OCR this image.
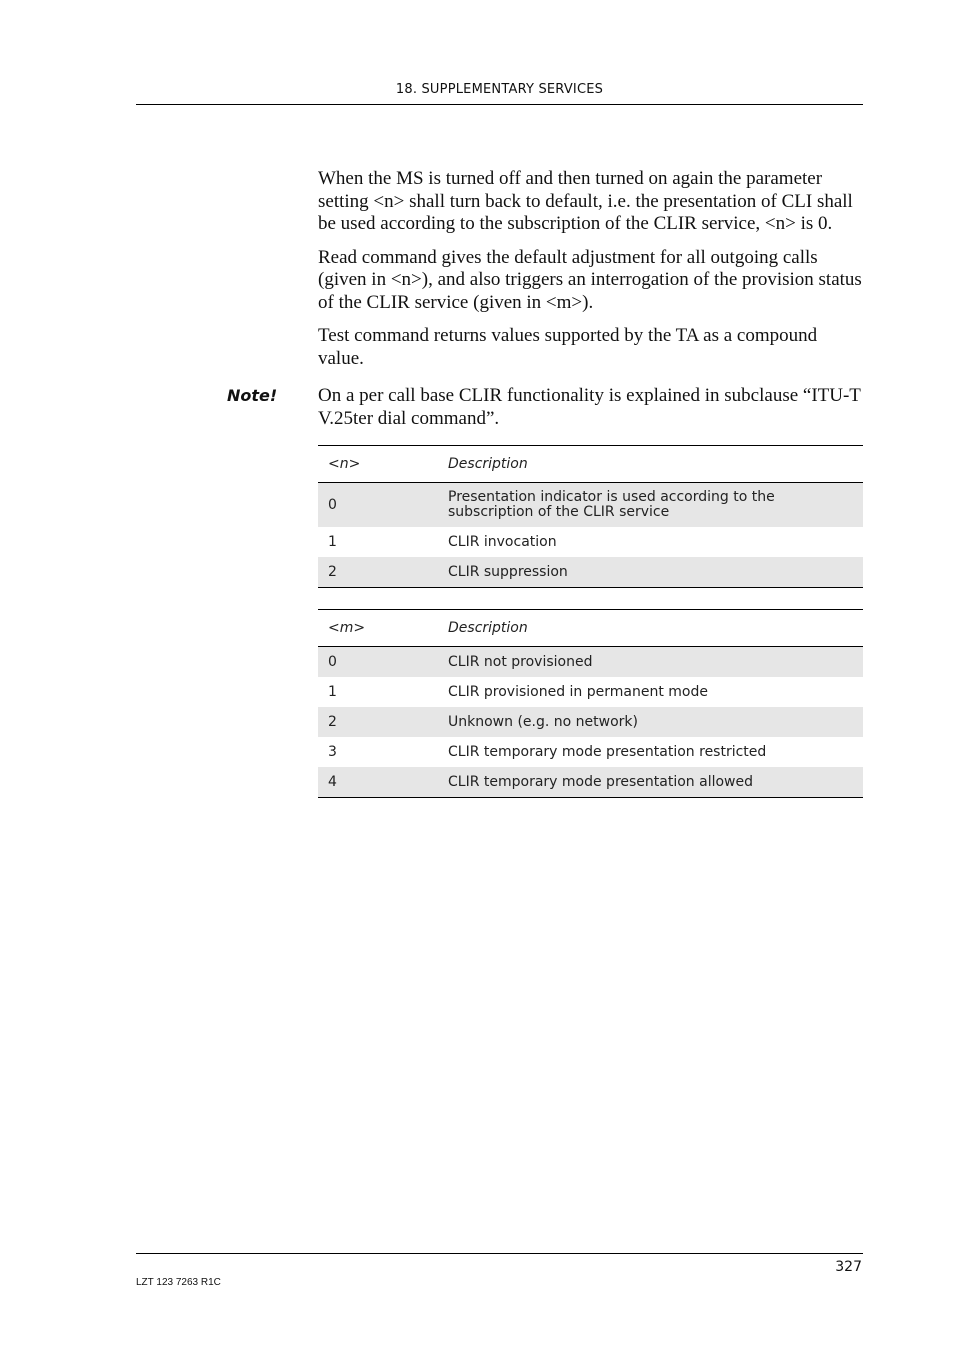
18. SUPPLEMENTARY SERVICES

When the MS is turned off and then turned on again the parameter setting <n> shall turn back to default, i.e. the presentation of CLI shall be used according to the subscription of the CLIR service, <n> is 0.

Read command gives the default adjustment for all outgoing calls (given in <n>), and also triggers an interrogation of the provision status of the CLIR service (given in <m>).

Test command returns values supported by the TA as a compound value.

Note! On a per call base CLIR functionality is explained in subclause “ITU-T V.25ter dial command”.
<n>	Description
0	Presentation indicator is used according to the subscription of the CLIR service
1	CLIR invocation
2	CLIR suppression
<m>	Description
0	CLIR not provisioned
1	CLIR provisioned in permanent mode
2	Unknown (e.g. no network)
3	CLIR temporary mode presentation restricted
4	CLIR temporary mode presentation allowed
327
LZT 123 7263 R1C
